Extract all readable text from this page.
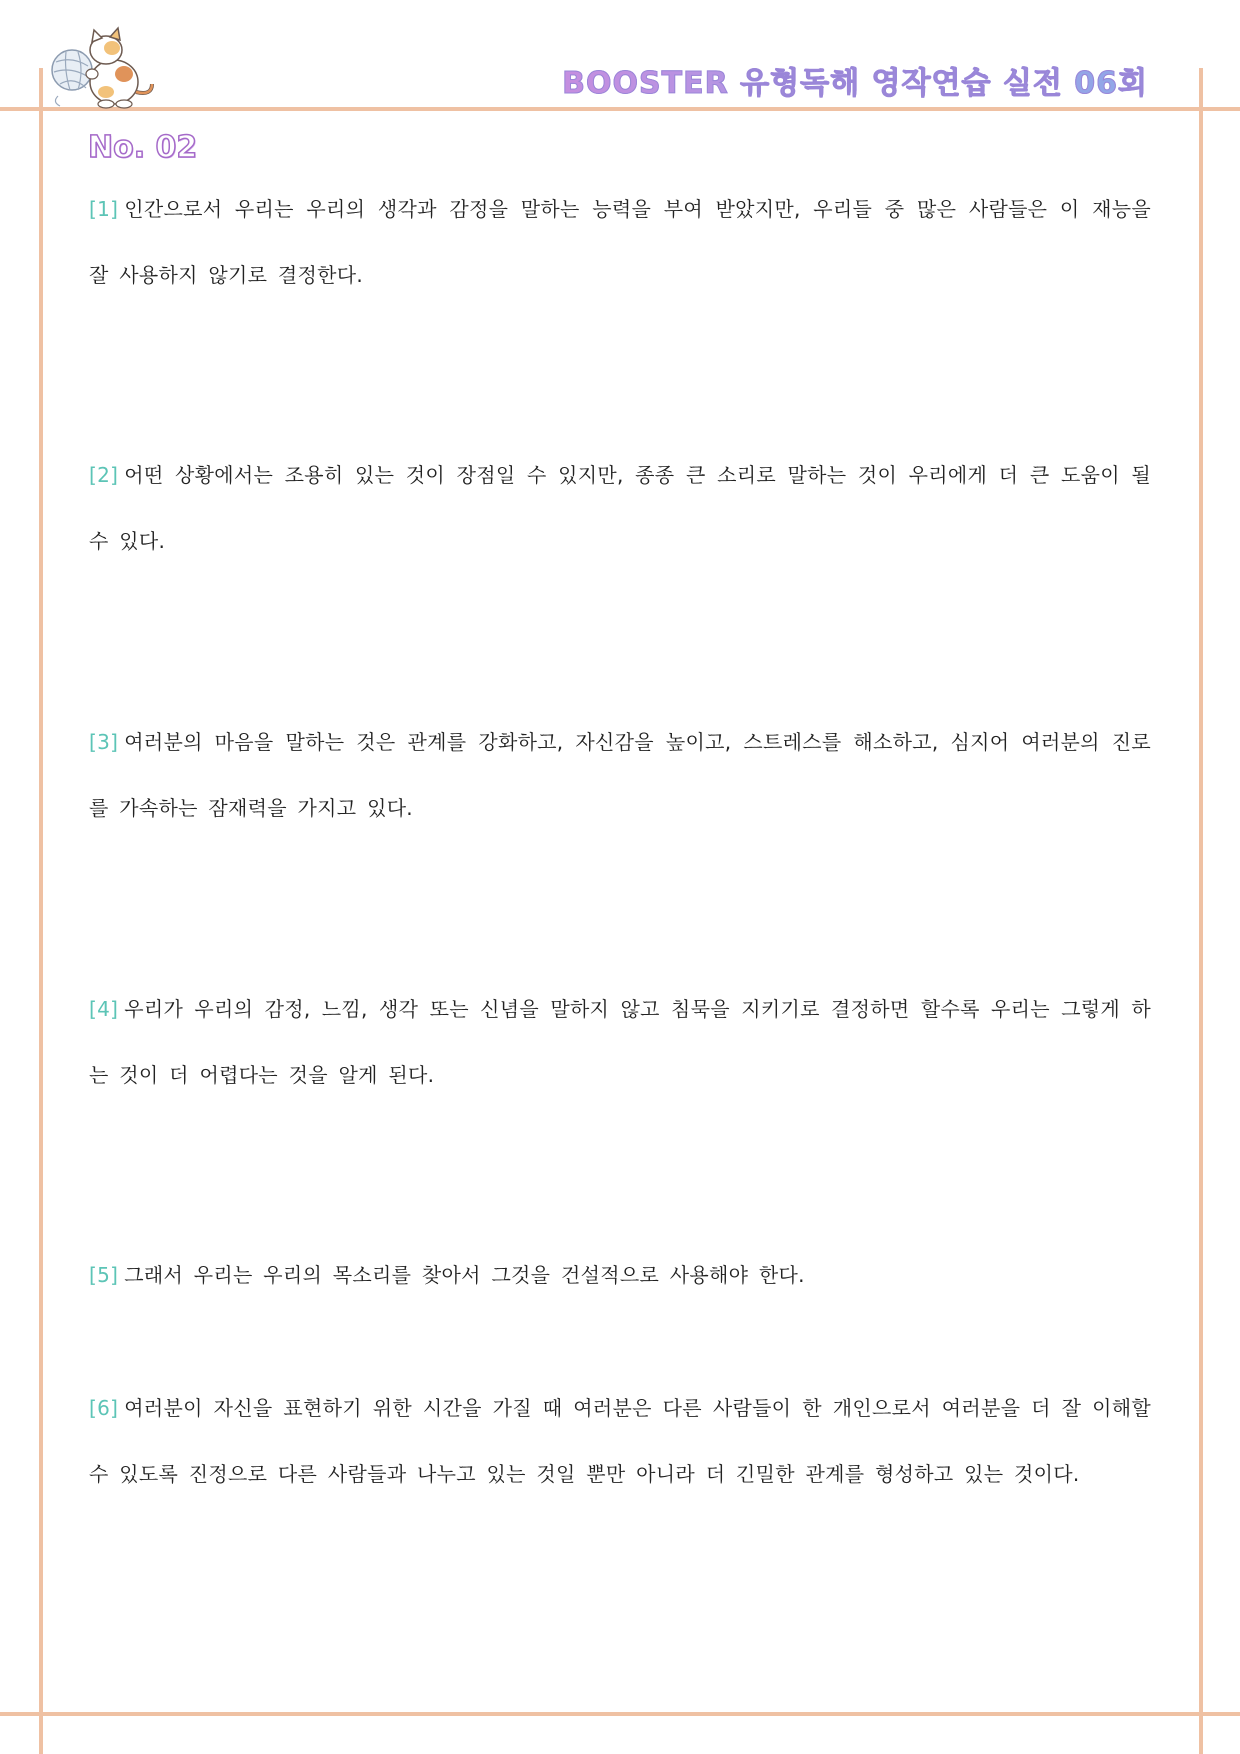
BOOSTER 유형독해 영작연습 실전 06회
No. 02
[1] 인간으로서 우리는 우리의 생각과 감정을 말하는 능력을 부여 받았지만, 우리들 중 많은 사람들은 이 재능을 잘 사용하지 않기로 결정한다.
[2] 어떤 상황에서는 조용히 있는 것이 장점일 수 있지만, 종종 큰 소리로 말하는 것이 우리에게 더 큰 도움이 될 수 있다.
[3] 여러분의 마음을 말하는 것은 관계를 강화하고, 자신감을 높이고, 스트레스를 해소하고, 심지어 여러분의 진로를 가속하는 잠재력을 가지고 있다.
[4] 우리가 우리의 감정, 느낌, 생각 또는 신념을 말하지 않고 침묵을 지키기로 결정하면 할수록 우리는 그렇게 하는 것이 더 어렵다는 것을 알게 된다.
[5] 그래서 우리는 우리의 목소리를 찾아서 그것을 건설적으로 사용해야 한다.
[6] 여러분이 자신을 표현하기 위한 시간을 가질 때 여러분은 다른 사람들이 한 개인으로서 여러분을 더 잘 이해할 수 있도록 진정으로 다른 사람들과 나누고 있는 것일 뿐만 아니라 더 긴밀한 관계를 형성하고 있는 것이다.
